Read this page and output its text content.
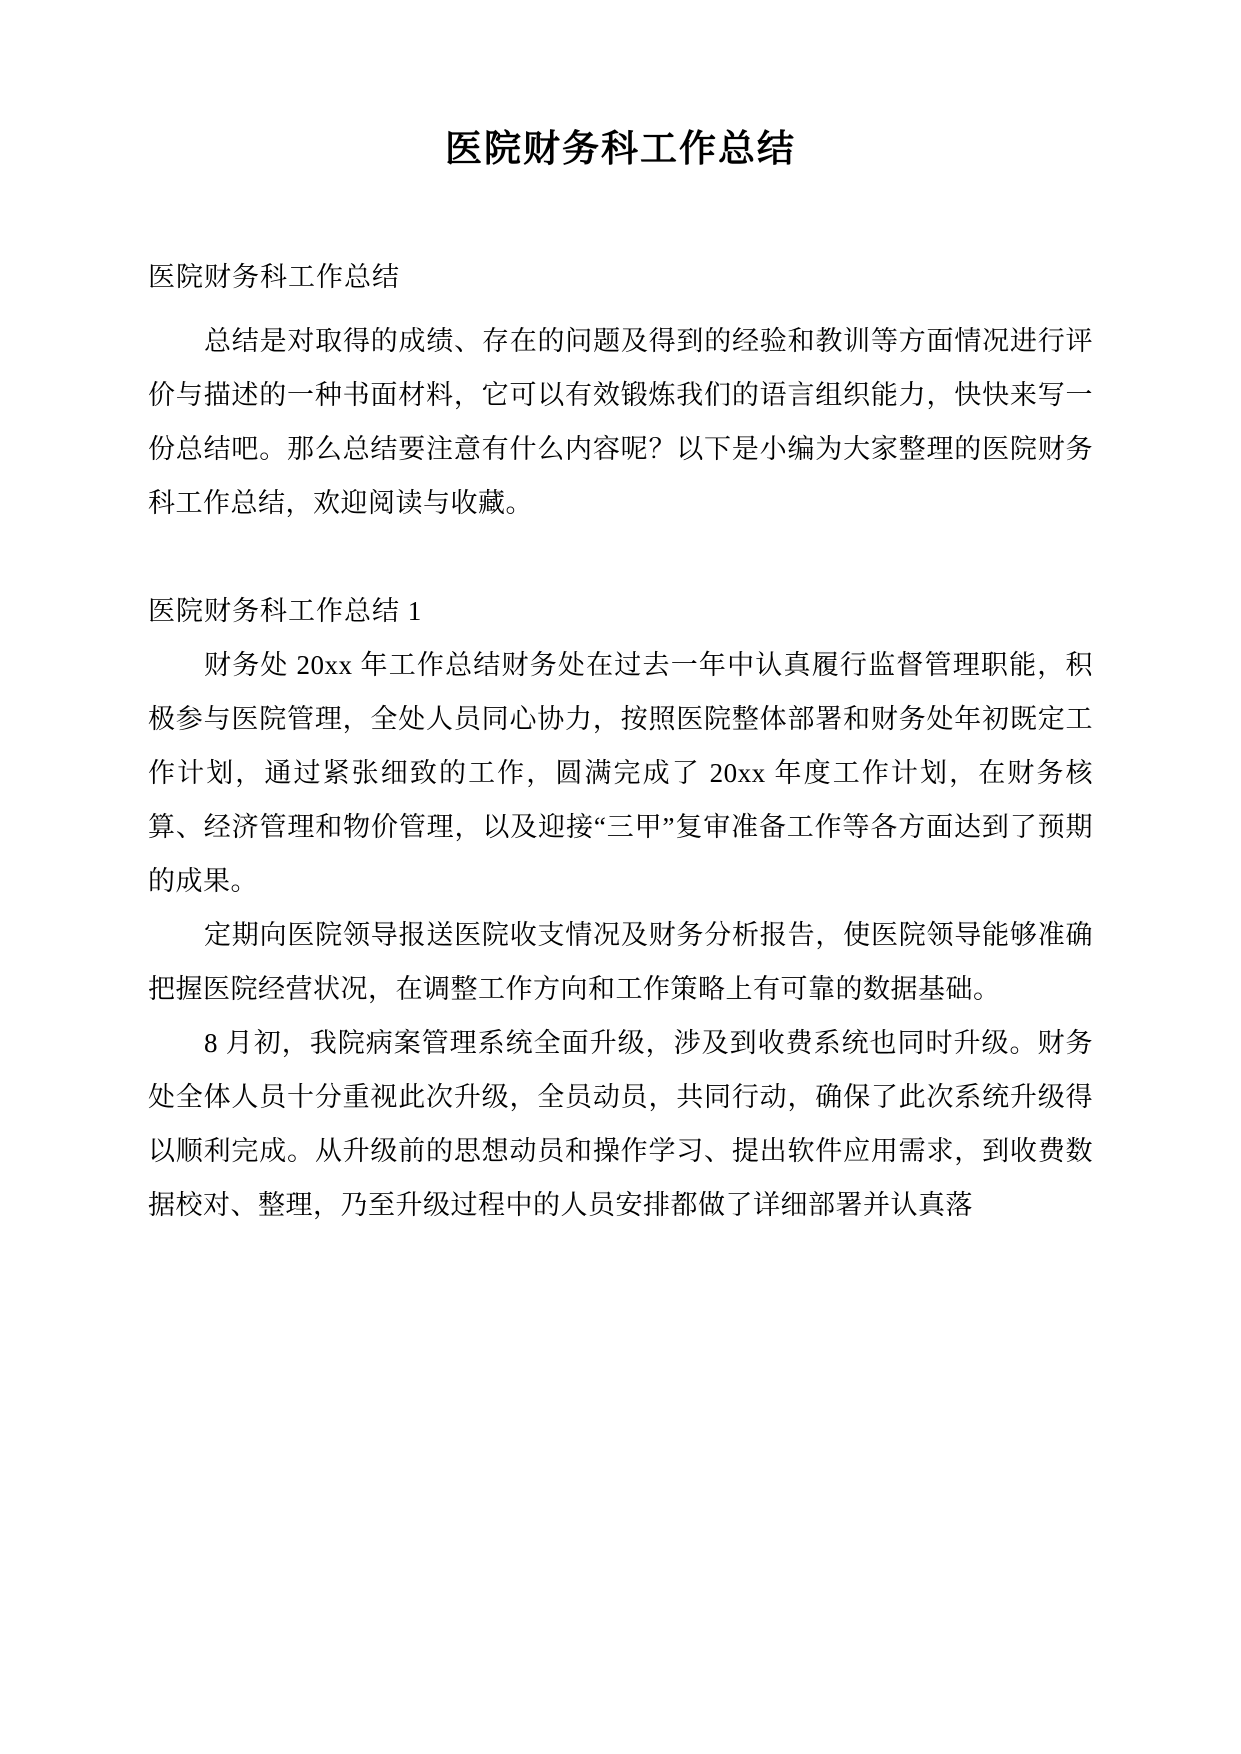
医院财务科工作总结

医院财务科工作总结

总结是对取得的成绩、存在的问题及得到的经验和教训等方面情况进行评价与描述的一种书面材料，它可以有效锻炼我们的语言组织能力，快快来写一份总结吧。那么总结要注意有什么内容呢？以下是小编为大家整理的医院财务科工作总结，欢迎阅读与收藏。

医院财务科工作总结 1

财务处 20xx 年工作总结财务处在过去一年中认真履行监督管理职能，积极参与医院管理，全处人员同心协力，按照医院整体部署和财务处年初既定工作计划，通过紧张细致的工作，圆满完成了 20xx 年度工作计划，在财务核算、经济管理和物价管理，以及迎接“三甲”复审准备工作等各方面达到了预期的成果。

定期向医院领导报送医院收支情况及财务分析报告，使医院领导能够准确把握医院经营状况，在调整工作方向和工作策略上有可靠的数据基础。

8 月初，我院病案管理系统全面升级，涉及到收费系统也同时升级。财务处全体人员十分重视此次升级，全员动员，共同行动，确保了此次系统升级得以顺利完成。从升级前的思想动员和操作学习、提出软件应用需求，到收费数据校对、整理，乃至升级过程中的人员安排都做了详细部署并认真落
